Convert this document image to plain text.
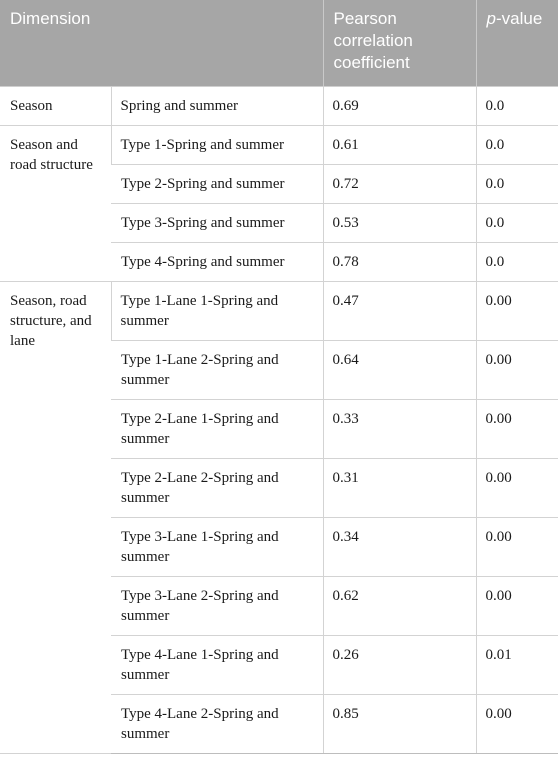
Dimension		Pearson correlation coefficient	p-value
Season	Spring and summer	0.69	0.0
Season and road structure	Type 1-Spring and summer	0.61	0.0
	Type 2-Spring and summer	0.72	0.0
	Type 3-Spring and summer	0.53	0.0
	Type 4-Spring and summer	0.78	0.0
Season, road structure, and lane	Type 1-Lane 1-Spring and summer	0.47	0.00
	Type 1-Lane 2-Spring and summer	0.64	0.00
	Type 2-Lane 1-Spring and summer	0.33	0.00
	Type 2-Lane 2-Spring and summer	0.31	0.00
	Type 3-Lane 1-Spring and summer	0.34	0.00
	Type 3-Lane 2-Spring and summer	0.62	0.00
	Type 4-Lane 1-Spring and summer	0.26	0.01
	Type 4-Lane 2-Spring and summer	0.85	0.00
